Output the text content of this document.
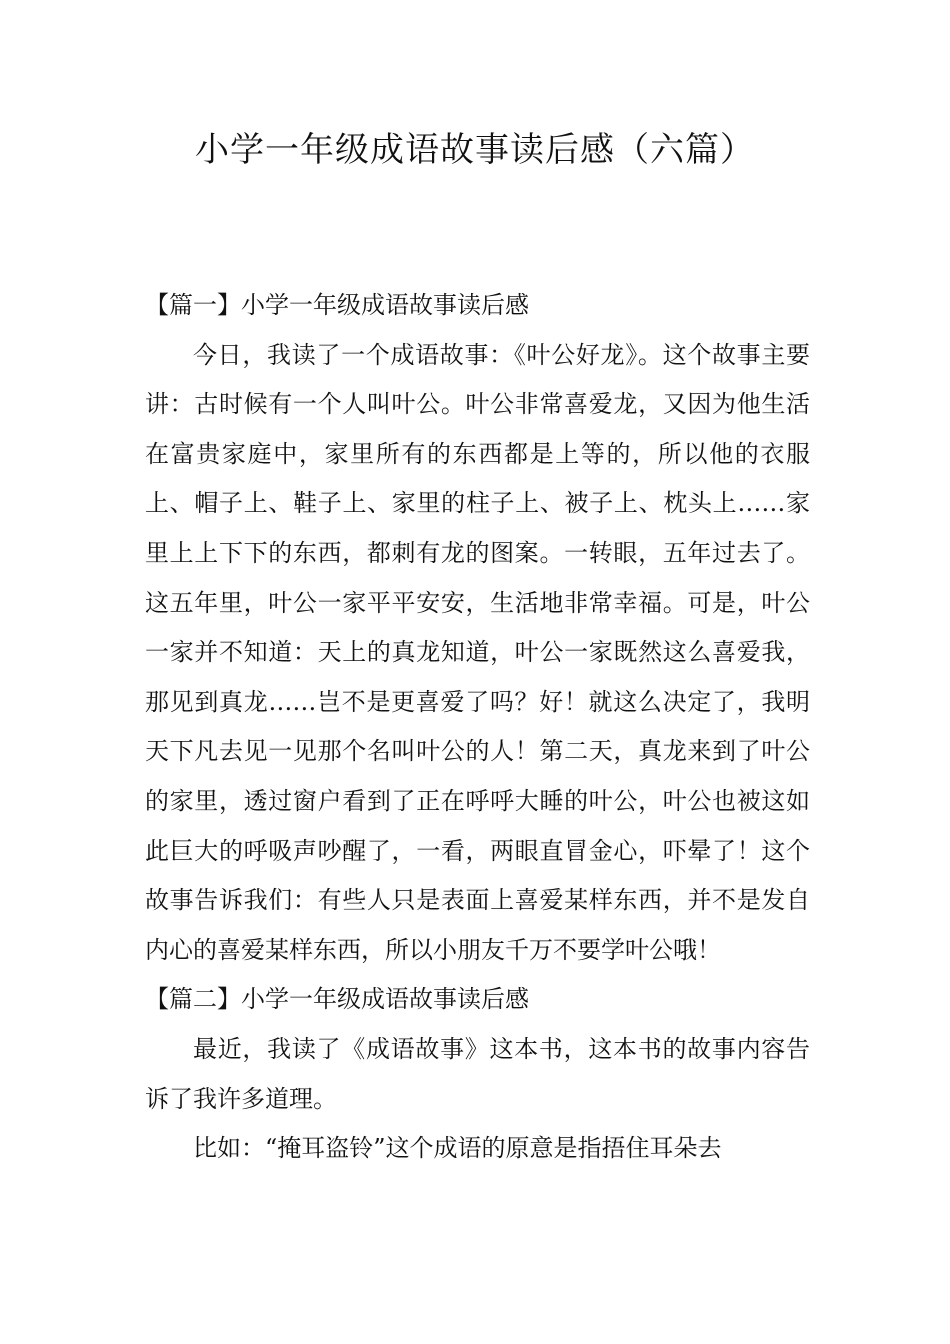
小学一年级成语故事读后感（六篇）
【篇一】小学一年级成语故事读后感

今日，我读了一个成语故事：《叶公好龙》。这个故事主要讲：古时候有一个人叫叶公。叶公非常喜爱龙，又因为他生活在富贵家庭中，家里所有的东西都是上等的，所以他的衣服上、帽子上、鞋子上、家里的柱子上、被子上、枕头上……家里上上下下的东西，都刺有龙的图案。一转眼，五年过去了。这五年里，叶公一家平平安安，生活地非常幸福。可是，叶公一家并不知道：天上的真龙知道，叶公一家既然这么喜爱我，那见到真龙……岂不是更喜爱了吗？好！就这么决定了，我明天下凡去见一见那个名叫叶公的人！第二天，真龙来到了叶公的家里，透过窗户看到了正在呼呼大睡的叶公，叶公也被这如此巨大的呼吸声吵醒了，一看，两眼直冒金心，吓晕了！这个故事告诉我们：有些人只是表面上喜爱某样东西，并不是发自内心的喜爱某样东西，所以小朋友千万不要学叶公哦！

【篇二】小学一年级成语故事读后感

最近，我读了《成语故事》这本书，这本书的故事内容告诉了我许多道理。

比如：“掩耳盗铃”这个成语的原意是指捂住耳朵去
